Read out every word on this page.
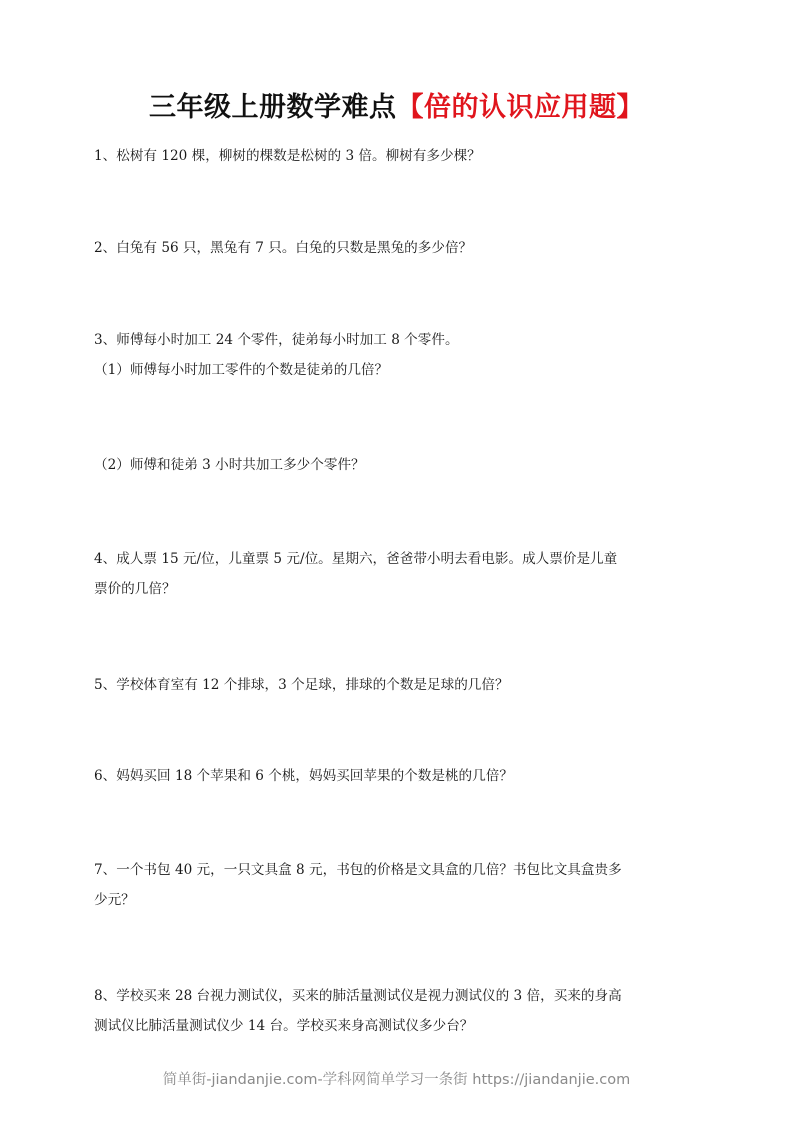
三年级上册数学难点【倍的认识应用题】
1、松树有 120 棵，柳树的棵数是松树的 3 倍。柳树有多少棵？
2、白兔有 56 只，黑兔有 7 只。白兔的只数是黑兔的多少倍？
3、师傅每小时加工 24 个零件，徒弟每小时加工 8 个零件。
（1）师傅每小时加工零件的个数是徒弟的几倍？
（2）师傅和徒弟 3 小时共加工多少个零件？
4、成人票 15 元/位，儿童票 5 元/位。星期六，爸爸带小明去看电影。成人票价是儿童
票价的几倍？
5、学校体育室有 12 个排球，3 个足球，排球的个数是足球的几倍？
6、妈妈买回 18 个苹果和 6 个桃，妈妈买回苹果的个数是桃的几倍？
7、一个书包 40 元，一只文具盒 8 元，书包的价格是文具盒的几倍？书包比文具盒贵多
少元？
8、学校买来 28 台视力测试仪，买来的肺活量测试仪是视力测试仪的 3 倍，买来的身高
测试仪比肺活量测试仪少 14 台。学校买来身高测试仪多少台？
简单街-jiandanjie.com-学科网简单学习一条街 https://jiandanjie.com
